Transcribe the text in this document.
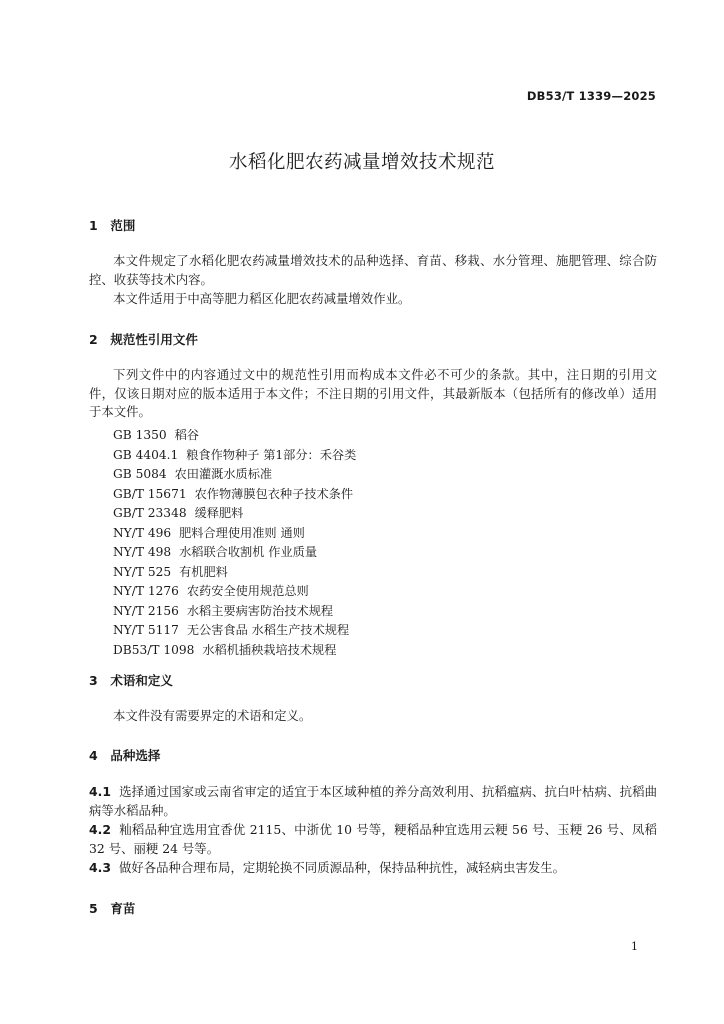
DB53/T 1339—2025
水稻化肥农药减量增效技术规范
1 范围
本文件规定了水稻化肥农药减量增效技术的品种选择、育苗、移栽、水分管理、施肥管理、综合防控、收获等技术内容。
本文件适用于中高等肥力稻区化肥农药减量增效作业。
2 规范性引用文件
下列文件中的内容通过文中的规范性引用而构成本文件必不可少的条款。其中，注日期的引用文件，仅该日期对应的版本适用于本文件；不注日期的引用文件，其最新版本（包括所有的修改单）适用于本文件。
GB 1350 稻谷
GB 4404.1 粮食作物种子 第1部分：禾谷类
GB 5084 农田灌溉水质标准
GB/T 15671 农作物薄膜包衣种子技术条件
GB/T 23348 缓释肥料
NY/T 496 肥料合理使用准则 通则
NY/T 498 水稻联合收割机 作业质量
NY/T 525 有机肥料
NY/T 1276 农药安全使用规范总则
NY/T 2156 水稻主要病害防治技术规程
NY/T 5117 无公害食品 水稻生产技术规程
DB53/T 1098 水稻机插秧栽培技术规程
3 术语和定义
本文件没有需要界定的术语和定义。
4 品种选择
4.1 选择通过国家或云南省审定的适宜于本区域种植的养分高效利用、抗稻瘟病、抗白叶枯病、抗稻曲病等水稻品种。
4.2 籼稻品种宜选用宜香优 2115、中浙优 10 号等，粳稻品种宜选用云粳 56 号、玉粳 26 号、凤稻 32 号、丽粳 24 号等。
4.3 做好各品种合理布局，定期轮换不同质源品种，保持品种抗性，减轻病虫害发生。
5 育苗
1
